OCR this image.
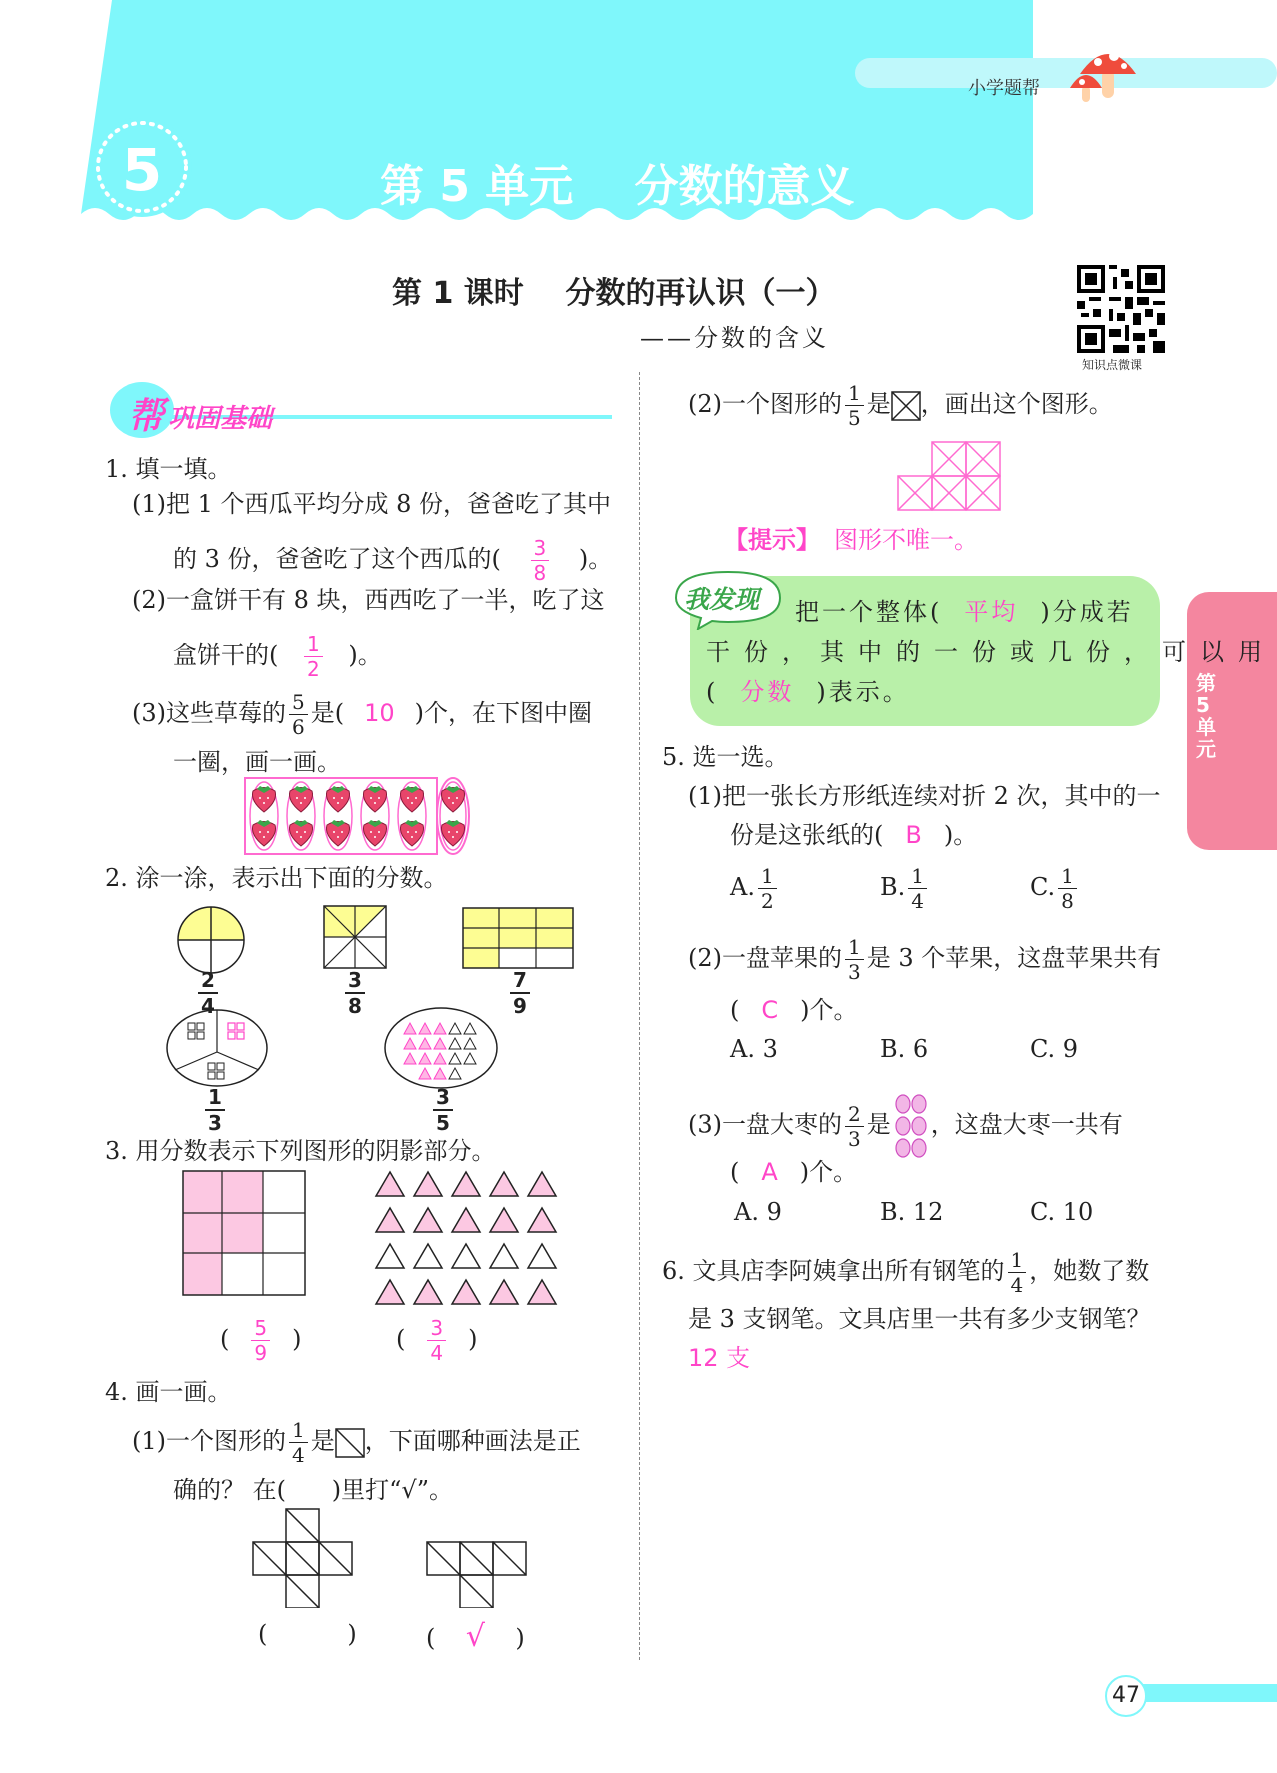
小学题帮
5	第 5 单元    分数的意义
第 1 课时    分数的再认识（一）
——分数的含义
知识点微课
第5单元
帮 巩固基础
1. 填一填。
(1)把 1 个西瓜平均分成 8 份，爸爸吃了其中
的 3 份，爸爸吃了这个西瓜的( $\frac{3}{8}$ )。
(2)一盒饼干有 8 块，西西吃了一半，吃了这
盒饼干的( $\frac{1}{2}$ )。
(3)这些草莓的 $\frac{5}{6}$ 是( 10 )个，在下图中圈
一圈，画一画。
2. 涂一涂，表示出下面的分数。
2
4
3
8
7
9
1
3
3
5
3. 用分数表示下列图形的阴影部分。
( $\frac{5}{9}$ )	( $\frac{3}{4}$ )
4. 画一画。
(1)一个图形的 $\frac{1}{4}$ 是 ，下面哪种画法是正
确的？ 在(      )里打“√”。
(	)	( √ )
(2)一个图形的 $\frac{1}{5}$ 是 ，画出这个图形。
【提示】 图形不唯一。
我发现 把一个整体( 平均 )分成若
干份，其中的一份或几份，可以用
( 分数 )表示。
5. 选一选。
(1)把一张长方形纸连续对折 2 次，其中的一
份是这张纸的( B )。
A. $\frac{1}{2}$	B. $\frac{1}{4}$	C. $\frac{1}{8}$
(2)一盘苹果的 $\frac{1}{3}$ 是 3 个苹果，这盘苹果共有
( C )个。
A. 3	B. 6	C. 9
(3)一盘大枣的 $\frac{2}{3}$ 是 ，这盘大枣一共有
( A )个。
A. 9	B. 12	C. 10
6. 文具店李阿姨拿出所有钢笔的 $\frac{1}{4}$ ，她数了数
是 3 支钢笔。文具店里一共有多少支钢笔？
12 支
47
